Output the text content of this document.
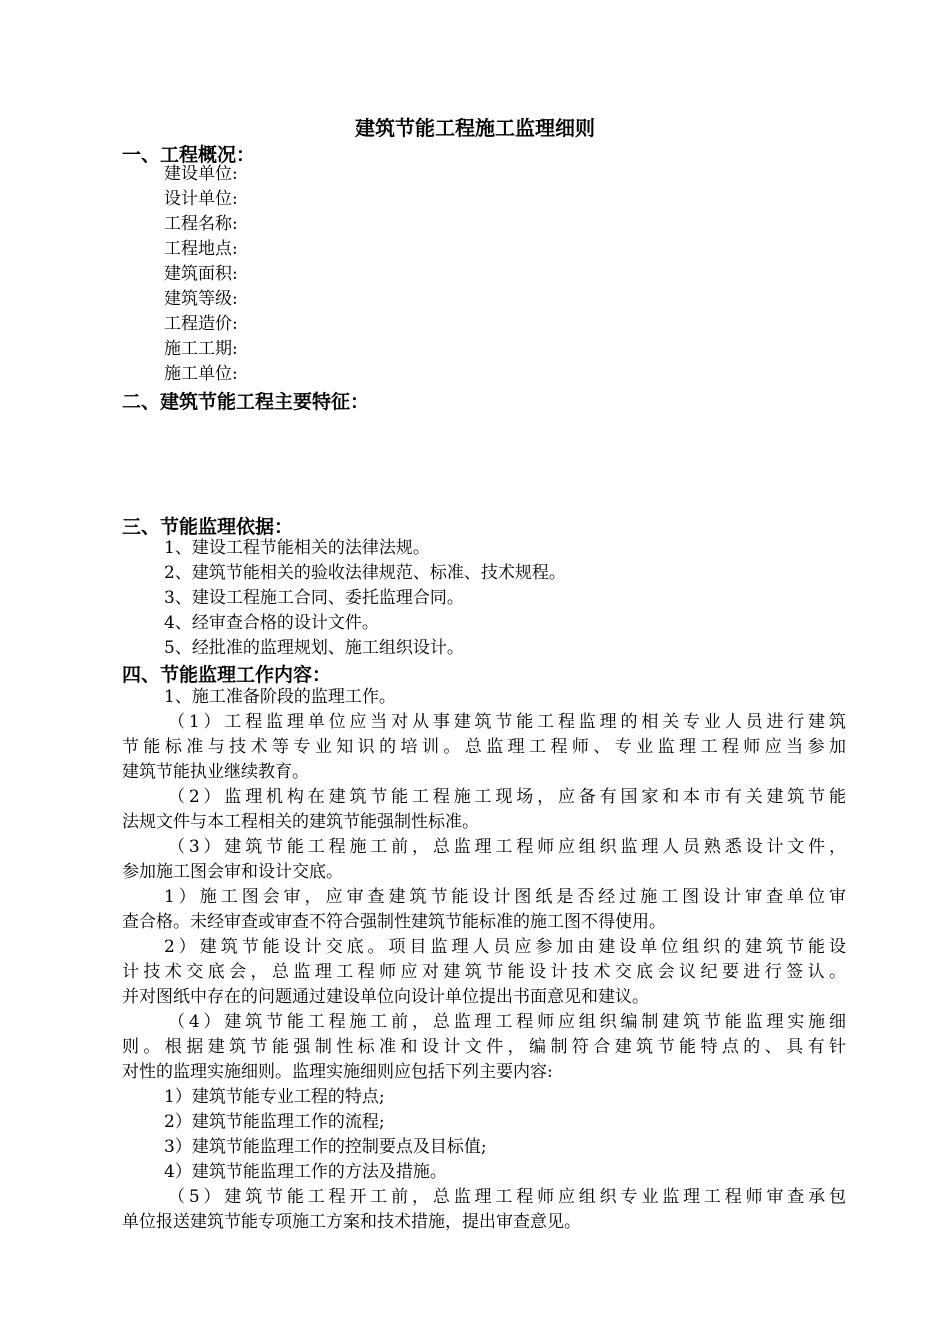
建筑节能工程施工监理细则
一、工程概况：
建设单位:
设计单位:
工程名称:
工程地点:
建筑面积:
建筑等级:
工程造价:
施工工期:
施工单位:
二、建筑节能工程主要特征：
三、节能监理依据：
1、建设工程节能相关的法律法规。
2、建筑节能相关的验收法律规范、标准、技术规程。
3、建设工程施工合同、委托监理合同。
4、经审查合格的设计文件。
5、经批准的监理规划、施工组织设计。
四、节能监理工作内容：
1、施工准备阶段的监理工作。
（1）工程监理单位应当对从事建筑节能工程监理的相关专业人员进行建筑
节能标准与技术等专业知识的培训。总监理工程师、专业监理工程师应当参加
建筑节能执业继续教育。
（2）监理机构在建筑节能工程施工现场，应备有国家和本市有关建筑节能
法规文件与本工程相关的建筑节能强制性标准。
（3）建筑节能工程施工前，总监理工程师应组织监理人员熟悉设计文件，
参加施工图会审和设计交底。
1）施工图会审，应审查建筑节能设计图纸是否经过施工图设计审查单位审
查合格。未经审查或审查不符合强制性建筑节能标准的施工图不得使用。
2）建筑节能设计交底。项目监理人员应参加由建设单位组织的建筑节能设
计技术交底会，总监理工程师应对建筑节能设计技术交底会议纪要进行签认。
并对图纸中存在的问题通过建设单位向设计单位提出书面意见和建议。
（4）建筑节能工程施工前，总监理工程师应组织编制建筑节能监理实施细
则。根据建筑节能强制性标准和设计文件，编制符合建筑节能特点的、具有针
对性的监理实施细则。监理实施细则应包括下列主要内容:
1）建筑节能专业工程的特点;
2）建筑节能监理工作的流程;
3）建筑节能监理工作的控制要点及目标值;
4）建筑节能监理工作的方法及措施。
（5）建筑节能工程开工前，总监理工程师应组织专业监理工程师审查承包
单位报送建筑节能专项施工方案和技术措施，提出审查意见。
